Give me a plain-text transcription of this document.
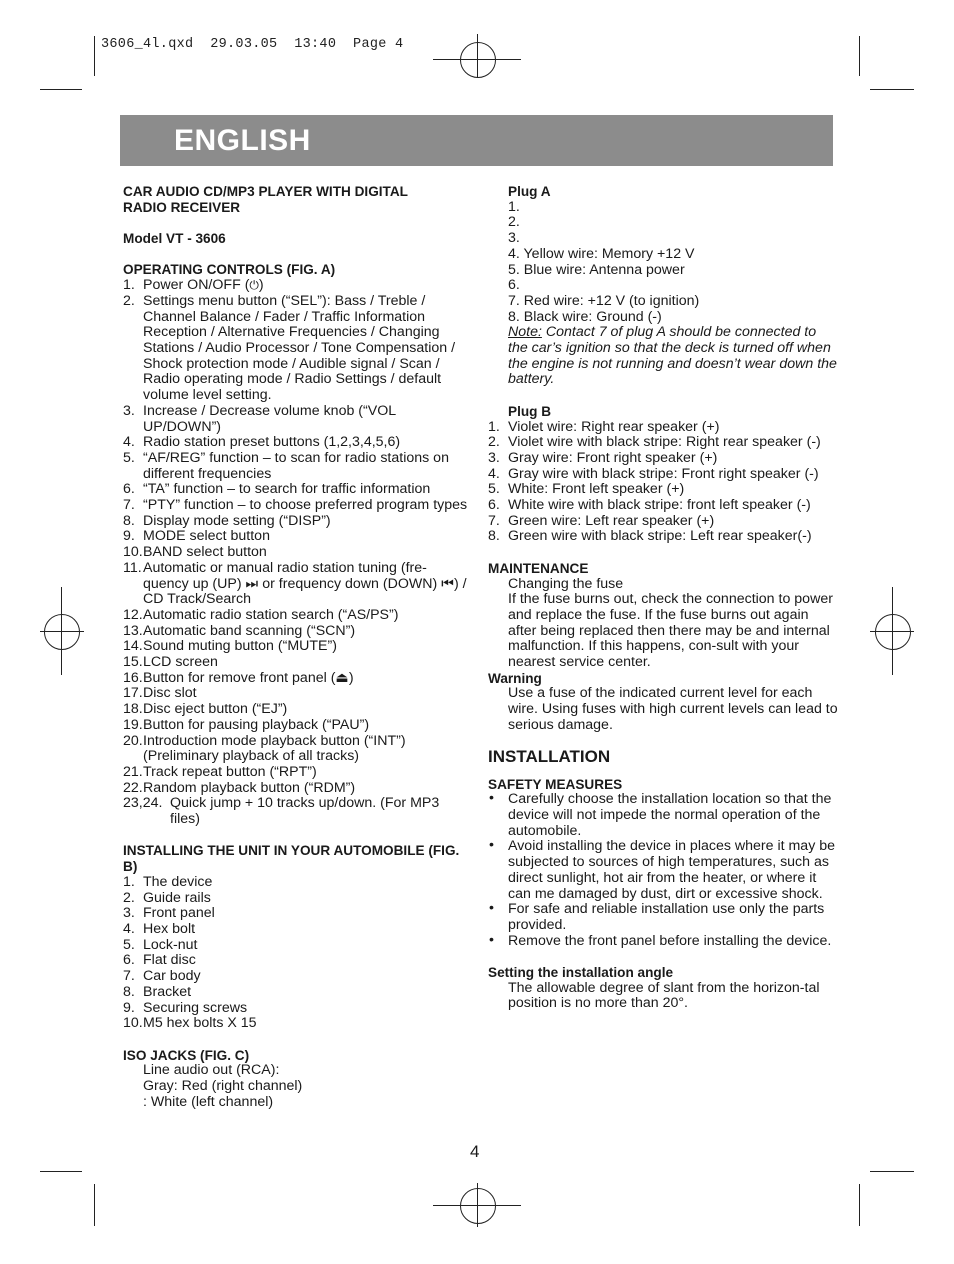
3606_4l.qxd  29.03.05  13:40  Page 4
ENGLISH
CAR AUDIO CD/MP3 PLAYER WITH DIGITAL
RADIO RECEIVER
Model VT - 3606
OPERATING CONTROLS (FIG. A)
1. Power ON/OFF (⏻)
2. Settings menu button (“SEL”): Bass / Treble / Channel Balance / Fader / Traffic Information Reception / Alternative Frequencies / Changing Stations / Audio Processor / Tone Compensation / Shock protection mode / Audible signal / Scan / Radio operating mode / Radio Settings / default volume level setting.
3. Increase / Decrease volume knob (“VOL UP/DOWN”)
4. Radio station preset buttons (1,2,3,4,5,6)
5. “AF/REG” function – to scan for radio stations on different frequencies
6. “TA” function – to search for traffic information
7. “PTY” function – to choose preferred program types
8. Display mode setting (“DISP”)
9. MODE select button
10. BAND select button
11. Automatic or manual radio station tuning (fre-quency up (UP) ⏭ or frequency down (DOWN) ⏮) / CD Track/Search
12. Automatic radio station search (“AS/PS”)
13. Automatic band scanning (“SCN”)
14. Sound muting button (“MUTE”)
15. LCD screen
16. Button for remove front panel (⏏)
17. Disc slot
18. Disc eject button (“EJ”)
19. Button for pausing playback (“PAU”)
20. Introduction mode playback button (“INT”) (Preliminary playback of all tracks)
21. Track repeat button (“RPT”)
22. Random playback button (“RDM”)
23,24. Quick jump + 10 tracks up/down. (For MP3 files)
INSTALLING THE UNIT IN YOUR AUTOMOBILE (FIG. B)
1. The device
2. Guide rails
3. Front panel
4. Hex bolt
5. Lock-nut
6. Flat disc
7. Car body
8. Bracket
9. Securing screws
10. M5 hex bolts X 15
ISO JACKS (FIG. C)
Line audio out (RCA):
Gray: Red (right channel)
: White (left channel)
Plug A
1.
2.
3.
4. Yellow wire: Memory +12 V
5. Blue wire: Antenna power
6.
7. Red wire: +12 V (to ignition)
8. Black wire: Ground (-)
Note: Contact 7 of plug A should be connected to the car’s ignition so that the deck is turned off when the engine is not running and doesn’t wear down the battery.
Plug B
1. Violet wire: Right rear speaker (+)
2. Violet wire with black stripe: Right rear speaker (-)
3. Gray wire: Front right speaker (+)
4. Gray wire with black stripe: Front right speaker (-)
5. White: Front left speaker (+)
6. White wire with black stripe: front left speaker (-)
7. Green wire: Left rear speaker (+)
8. Green wire with black stripe: Left rear speaker(-)
MAINTENANCE
Changing the fuse
If the fuse burns out, check the connection to power and replace the fuse. If the fuse burns out again after being replaced then there may be and internal malfunction. If this happens, con-sult with your nearest service center.
Warning
Use a fuse of the indicated current level for each wire. Using fuses with high current levels can lead to serious damage.
INSTALLATION
SAFETY MEASURES
• Carefully choose the installation location so that the device will not impede the normal operation of the automobile.
• Avoid installing the device in places where it may be subjected to sources of high temperatures, such as direct sunlight, hot air from the heater, or where it can me damaged by dust, dirt or excessive shock.
• For safe and reliable installation use only the parts provided.
• Remove the front panel before installing the device.
Setting the installation angle
The allowable degree of slant from the horizon-tal position is no more than 20°.
4
